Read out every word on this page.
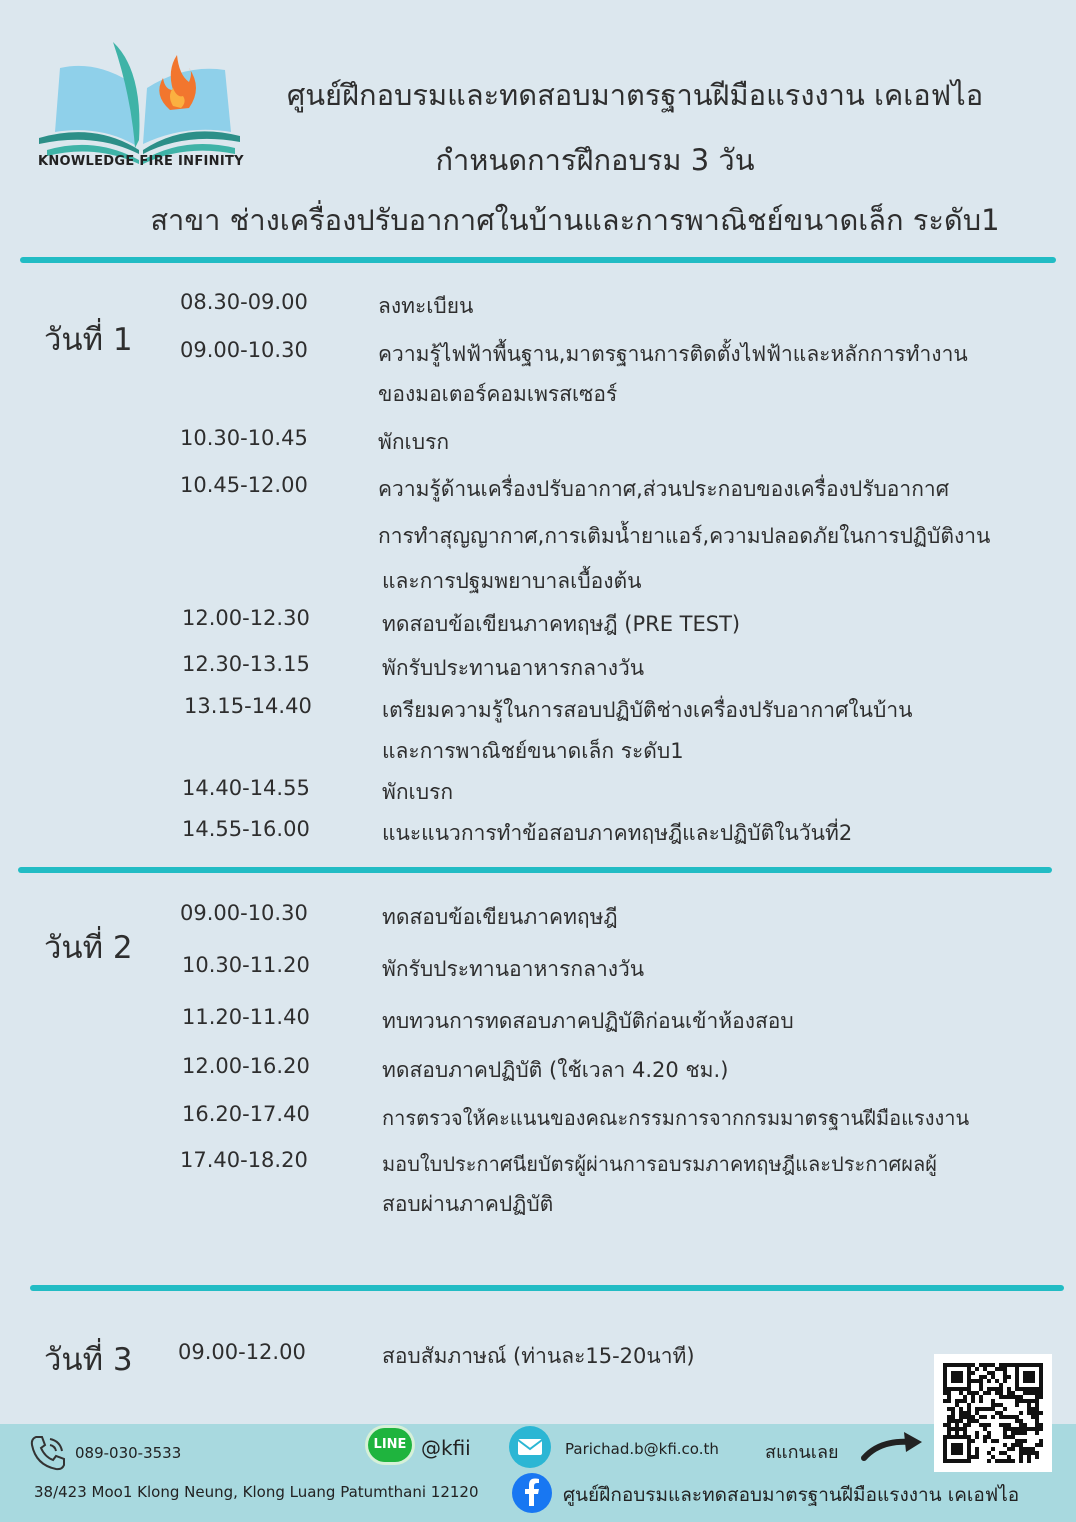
KNOWLEDGE FIRE INFINITY
ศูนย์ฝึกอบรมและทดสอบมาตรฐานฝีมือแรงงาน เคเอฟไอ
กำหนดการฝึกอบรม 3 วัน
สาขา ช่างเครื่องปรับอากาศในบ้านและการพาณิชย์ขนาดเล็ก ระดับ1
วันที่ 1
08.30-09.00	ลงทะเบียน
09.00-10.30	ความรู้ไฟฟ้าพื้นฐาน,มาตรฐานการติดตั้งไฟฟ้าและหลักการทำงาน
ของมอเตอร์คอมเพรสเซอร์
10.30-10.45	พักเบรก
10.45-12.00	ความรู้ด้านเครื่องปรับอากาศ,ส่วนประกอบของเครื่องปรับอากาศ
การทำสุญญากาศ,การเติมน้ำยาแอร์,ความปลอดภัยในการปฏิบัติงาน
และการปฐมพยาบาลเบื้องต้น
12.00-12.30	ทดสอบข้อเขียนภาคทฤษฎี (PRE TEST)
12.30-13.15	พักรับประทานอาหารกลางวัน
13.15-14.40	เตรียมความรู้ในการสอบปฏิบัติช่างเครื่องปรับอากาศในบ้าน
และการพาณิชย์ขนาดเล็ก ระดับ1
14.40-14.55	พักเบรก
14.55-16.00	แนะแนวการทำข้อสอบภาคทฤษฎีและปฏิบัติในวันที่2
วันที่ 2
09.00-10.30	ทดสอบข้อเขียนภาคทฤษฎี
10.30-11.20	พักรับประทานอาหารกลางวัน
11.20-11.40	ทบทวนการทดสอบภาคปฏิบัติก่อนเข้าห้องสอบ
12.00-16.20	ทดสอบภาคปฏิบัติ (ใช้เวลา 4.20 ชม.)
16.20-17.40	การตรวจให้คะแนนของคณะกรรมการจากกรมมาตรฐานฝีมือแรงงาน
17.40-18.20	มอบใบประกาศนียบัตรผู้ผ่านการอบรมภาคทฤษฎีและประกาศผลผู้
สอบผ่านภาคปฏิบัติ
วันที่ 3 09.00-12.00	สอบสัมภาษณ์ (ท่านละ15-20นาที)
089-030-3533	LINE @kfii	Parichad.b@kfi.co.th	สแกนเลย
38/423 Moo1 Klong Neung, Klong Luang Patumthani 12120	ศูนย์ฝึกอบรมและทดสอบมาตรฐานฝีมือแรงงาน เคเอฟไอ
